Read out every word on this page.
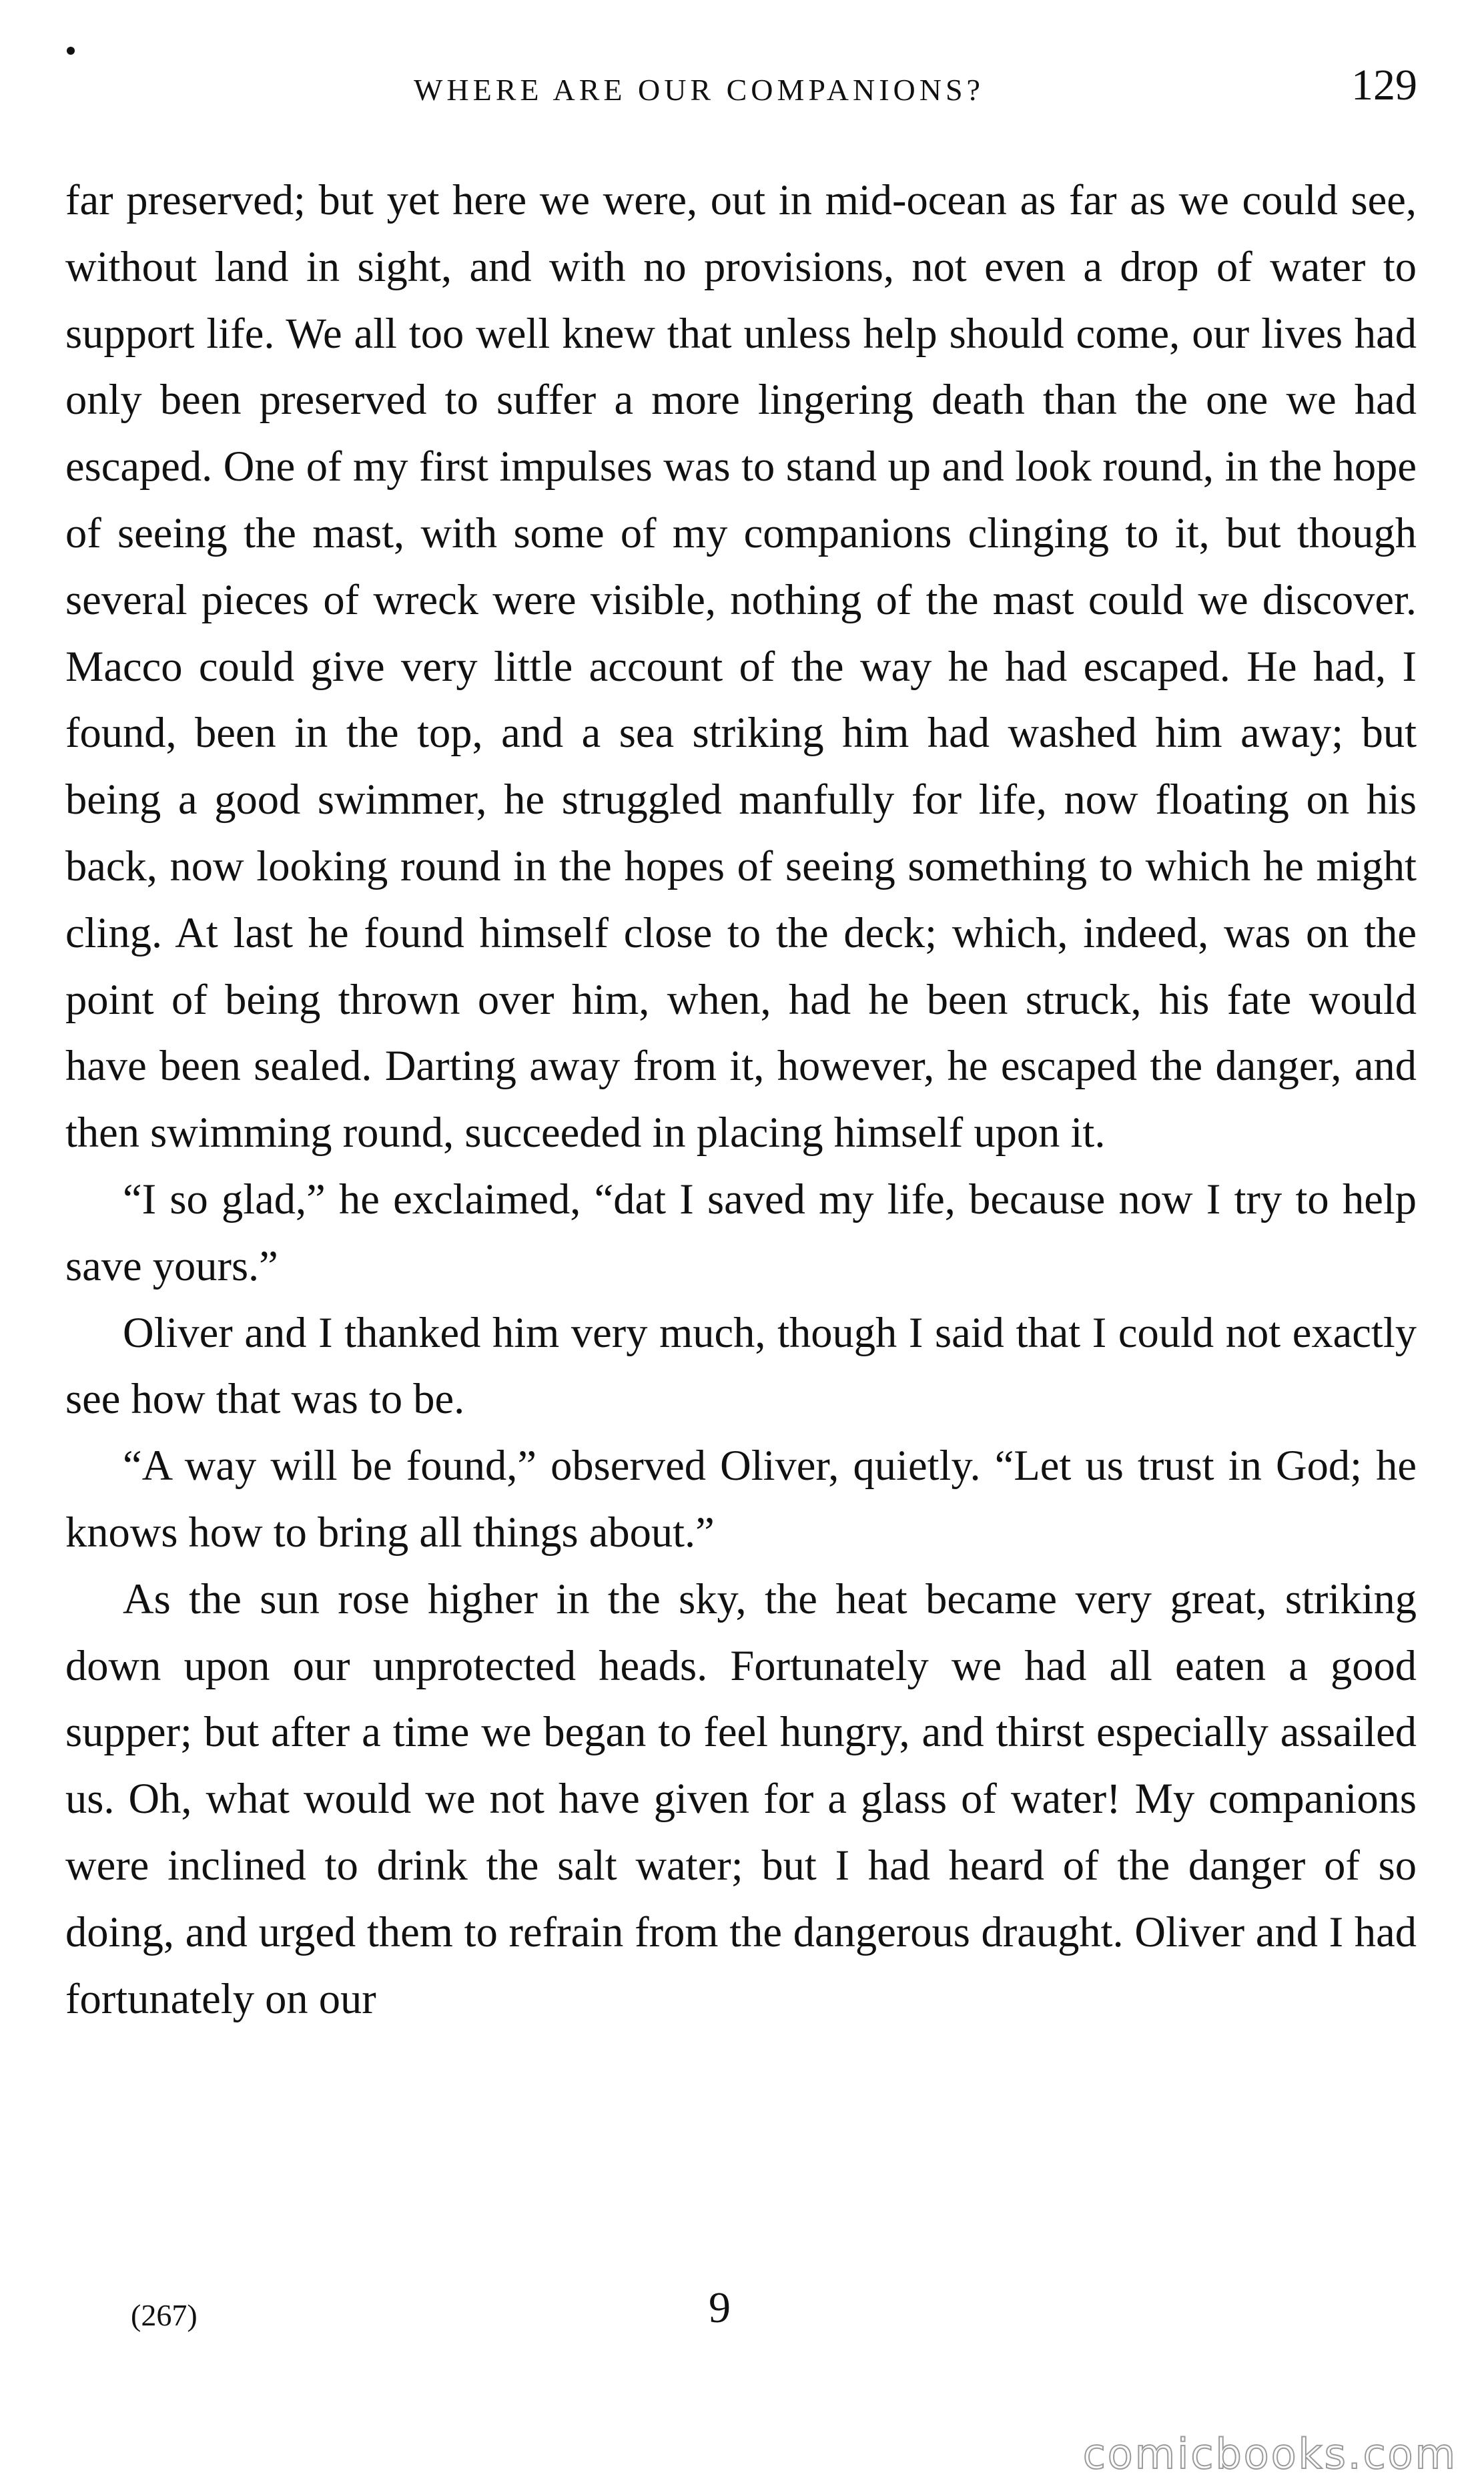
WHERE ARE OUR COMPANIONS?	129

far preserved; but yet here we were, out in mid-ocean as far as we could see, without land in sight, and with no provisions, not even a drop of water to support life. We all too well knew that unless help should come, our lives had only been preserved to suffer a more lingering death than the one we had escaped. One of my first impulses was to stand up and look round, in the hope of seeing the mast, with some of my companions clinging to it, but though several pieces of wreck were visible, nothing of the mast could we discover. Macco could give very little account of the way he had escaped. He had, I found, been in the top, and a sea striking him had washed him away; but being a good swimmer, he struggled manfully for life, now floating on his back, now looking round in the hopes of seeing something to which he might cling. At last he found himself close to the deck; which, indeed, was on the point of being thrown over him, when, had he been struck, his fate would have been sealed. Darting away from it, however, he escaped the danger, and then swimming round, succeeded in placing himself upon it.

“I so glad,” he exclaimed, “dat I saved my life, because now I try to help save yours.”

Oliver and I thanked him very much, though I said that I could not exactly see how that was to be.

“A way will be found,” observed Oliver, quietly. “Let us trust in God; he knows how to bring all things about.”

As the sun rose higher in the sky, the heat became very great, striking down upon our unprotected heads. Fortunately we had all eaten a good supper; but after a time we began to feel hungry, and thirst especially assailed us. Oh, what would we not have given for a glass of water! My companions were inclined to drink the salt water; but I had heard of the danger of so doing, and urged them to refrain from the dangerous draught. Oliver and I had fortunately on our

(267)	9
comicbooks.com
